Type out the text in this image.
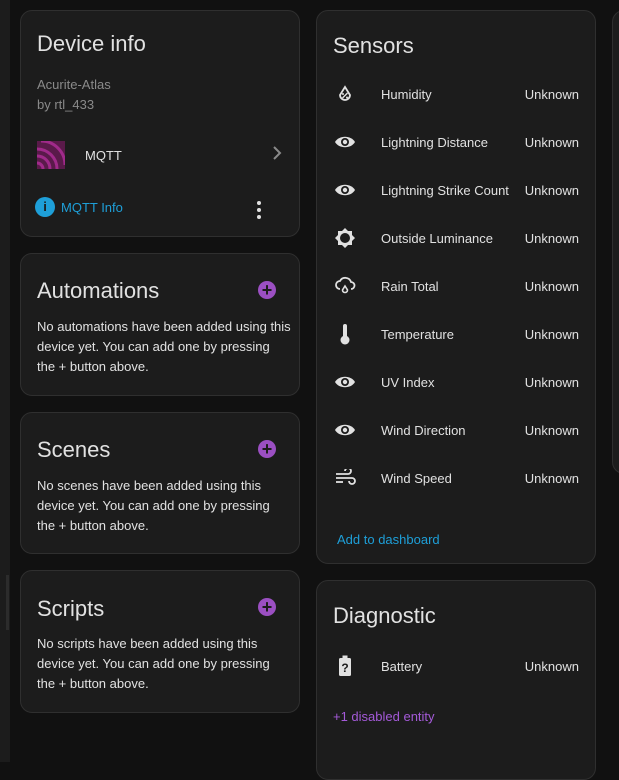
Device info
Acurite-Atlas
by rtl_433
MQTT
i	MQTT Info
Automations	+
No automations have been added using this device yet. You can add one by pressing the + button above.
Scenes	+
No scenes have been added using this device yet. You can add one by pressing the + button above.
Scripts	+
No scripts have been added using this device yet. You can add one by pressing the + button above.
Sensors
Humidity	Unknown
Lightning Distance	Unknown
Lightning Strike Count	Unknown
Outside Luminance	Unknown
Rain Total	Unknown
Temperature	Unknown
UV Index	Unknown
Wind Direction	Unknown
Wind Speed	Unknown
Add to dashboard
Diagnostic
? Battery	Unknown
+1 disabled entity
